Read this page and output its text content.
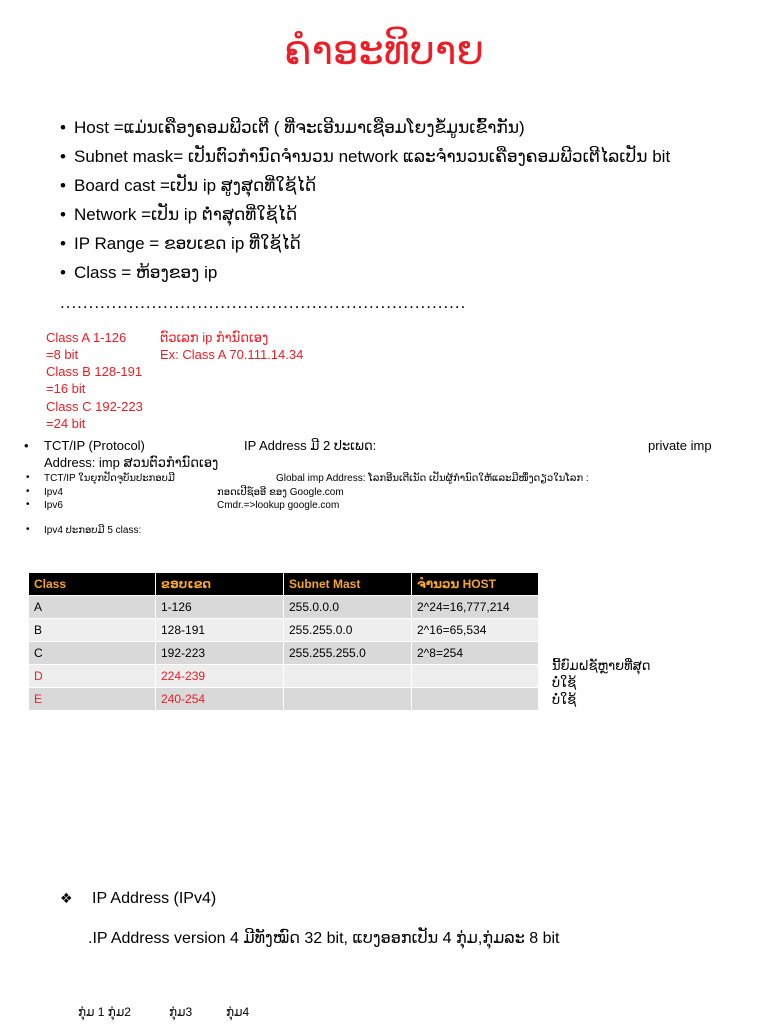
ຄຳອະທິບາຍ
• Host =ແມ່ນເຄືອງຄອມພີວເຕີ ( ທີ່ຈະເອີນມາເຊືອມໂຍງຂໍ້ມູນເຂົ້າກັນ)
• Subnet mask= ເປັນຕົວກຳນົດຈຳນວນ network ແລະຈຳນວນເຄືອງຄອມພີວເຕີໄລເປັນ bit
• Board cast =ເປັນ ip ສູງສຸດທີ່ໃຊ້ໄດ້
• Network =ເປັນ ip ຕ່ຳສຸດທີ່ໃຊ້ໄດ້
• IP Range = ຂອບເຂດ ip ທີ່ໃຊ້ໄດ້
• Class = ຫ້ອງຂອງ ip
.......................................................................
Class A 1-126
=8 bit
Class B 128-191
=16 bit
Class C 192-223
=24 bit
ຕົວເລກ ip ກຳນົດເອງ
Ex: Class A 70.111.14.34
• TCT/IP (Protocol)	IP Address ມີ 2 ປະເພດ:	private imp
Address: imp ສວນຕົວກຳນົດເອງ
• TCT/IP ໃນຍຸກປັດຈຸບັນປະກອບມີ	Global imp Address: ໂລກອີນເຕີເນັດ ເປັນຜູ້ກຳນົດໃຫ້ແລະມີໜຶ່ງດຽວໃນໂລກ :
• Ipv4	ກອດເປີຊ໌ອອີ ຂອງ Google.com
• Ipv6	Cmdr.=>lookup google.com
• Ipv4 ປະກອບມີ 5 class:
Class	ຂອບເຂດ	Subnet Mast	ຈຳນວນ HOST
A	1-126	255.0.0.0	2^24=16,777,214
B	128-191	255.255.0.0	2^16=65,534
C	192-223	255.255.255.0	2^8=254
D	224-239		
E	240-254		
ນີ້ຍົມຝຊັຫຼາຍທີ່ສຸດ
ບໍ່ໃຊ້
ບໍ່ໃຊ້
❖ IP Address (IPv4)
.IP Address version 4 ມີທັງໝົດ 32 bit, ແບງອອກເປັນ 4 ກຸ່ມ,ກຸ່ມລະ 8 bit
ກຸ່ມ 1 ກຸ່ມ2	ກຸ່ມ3	ກຸ່ມ4
